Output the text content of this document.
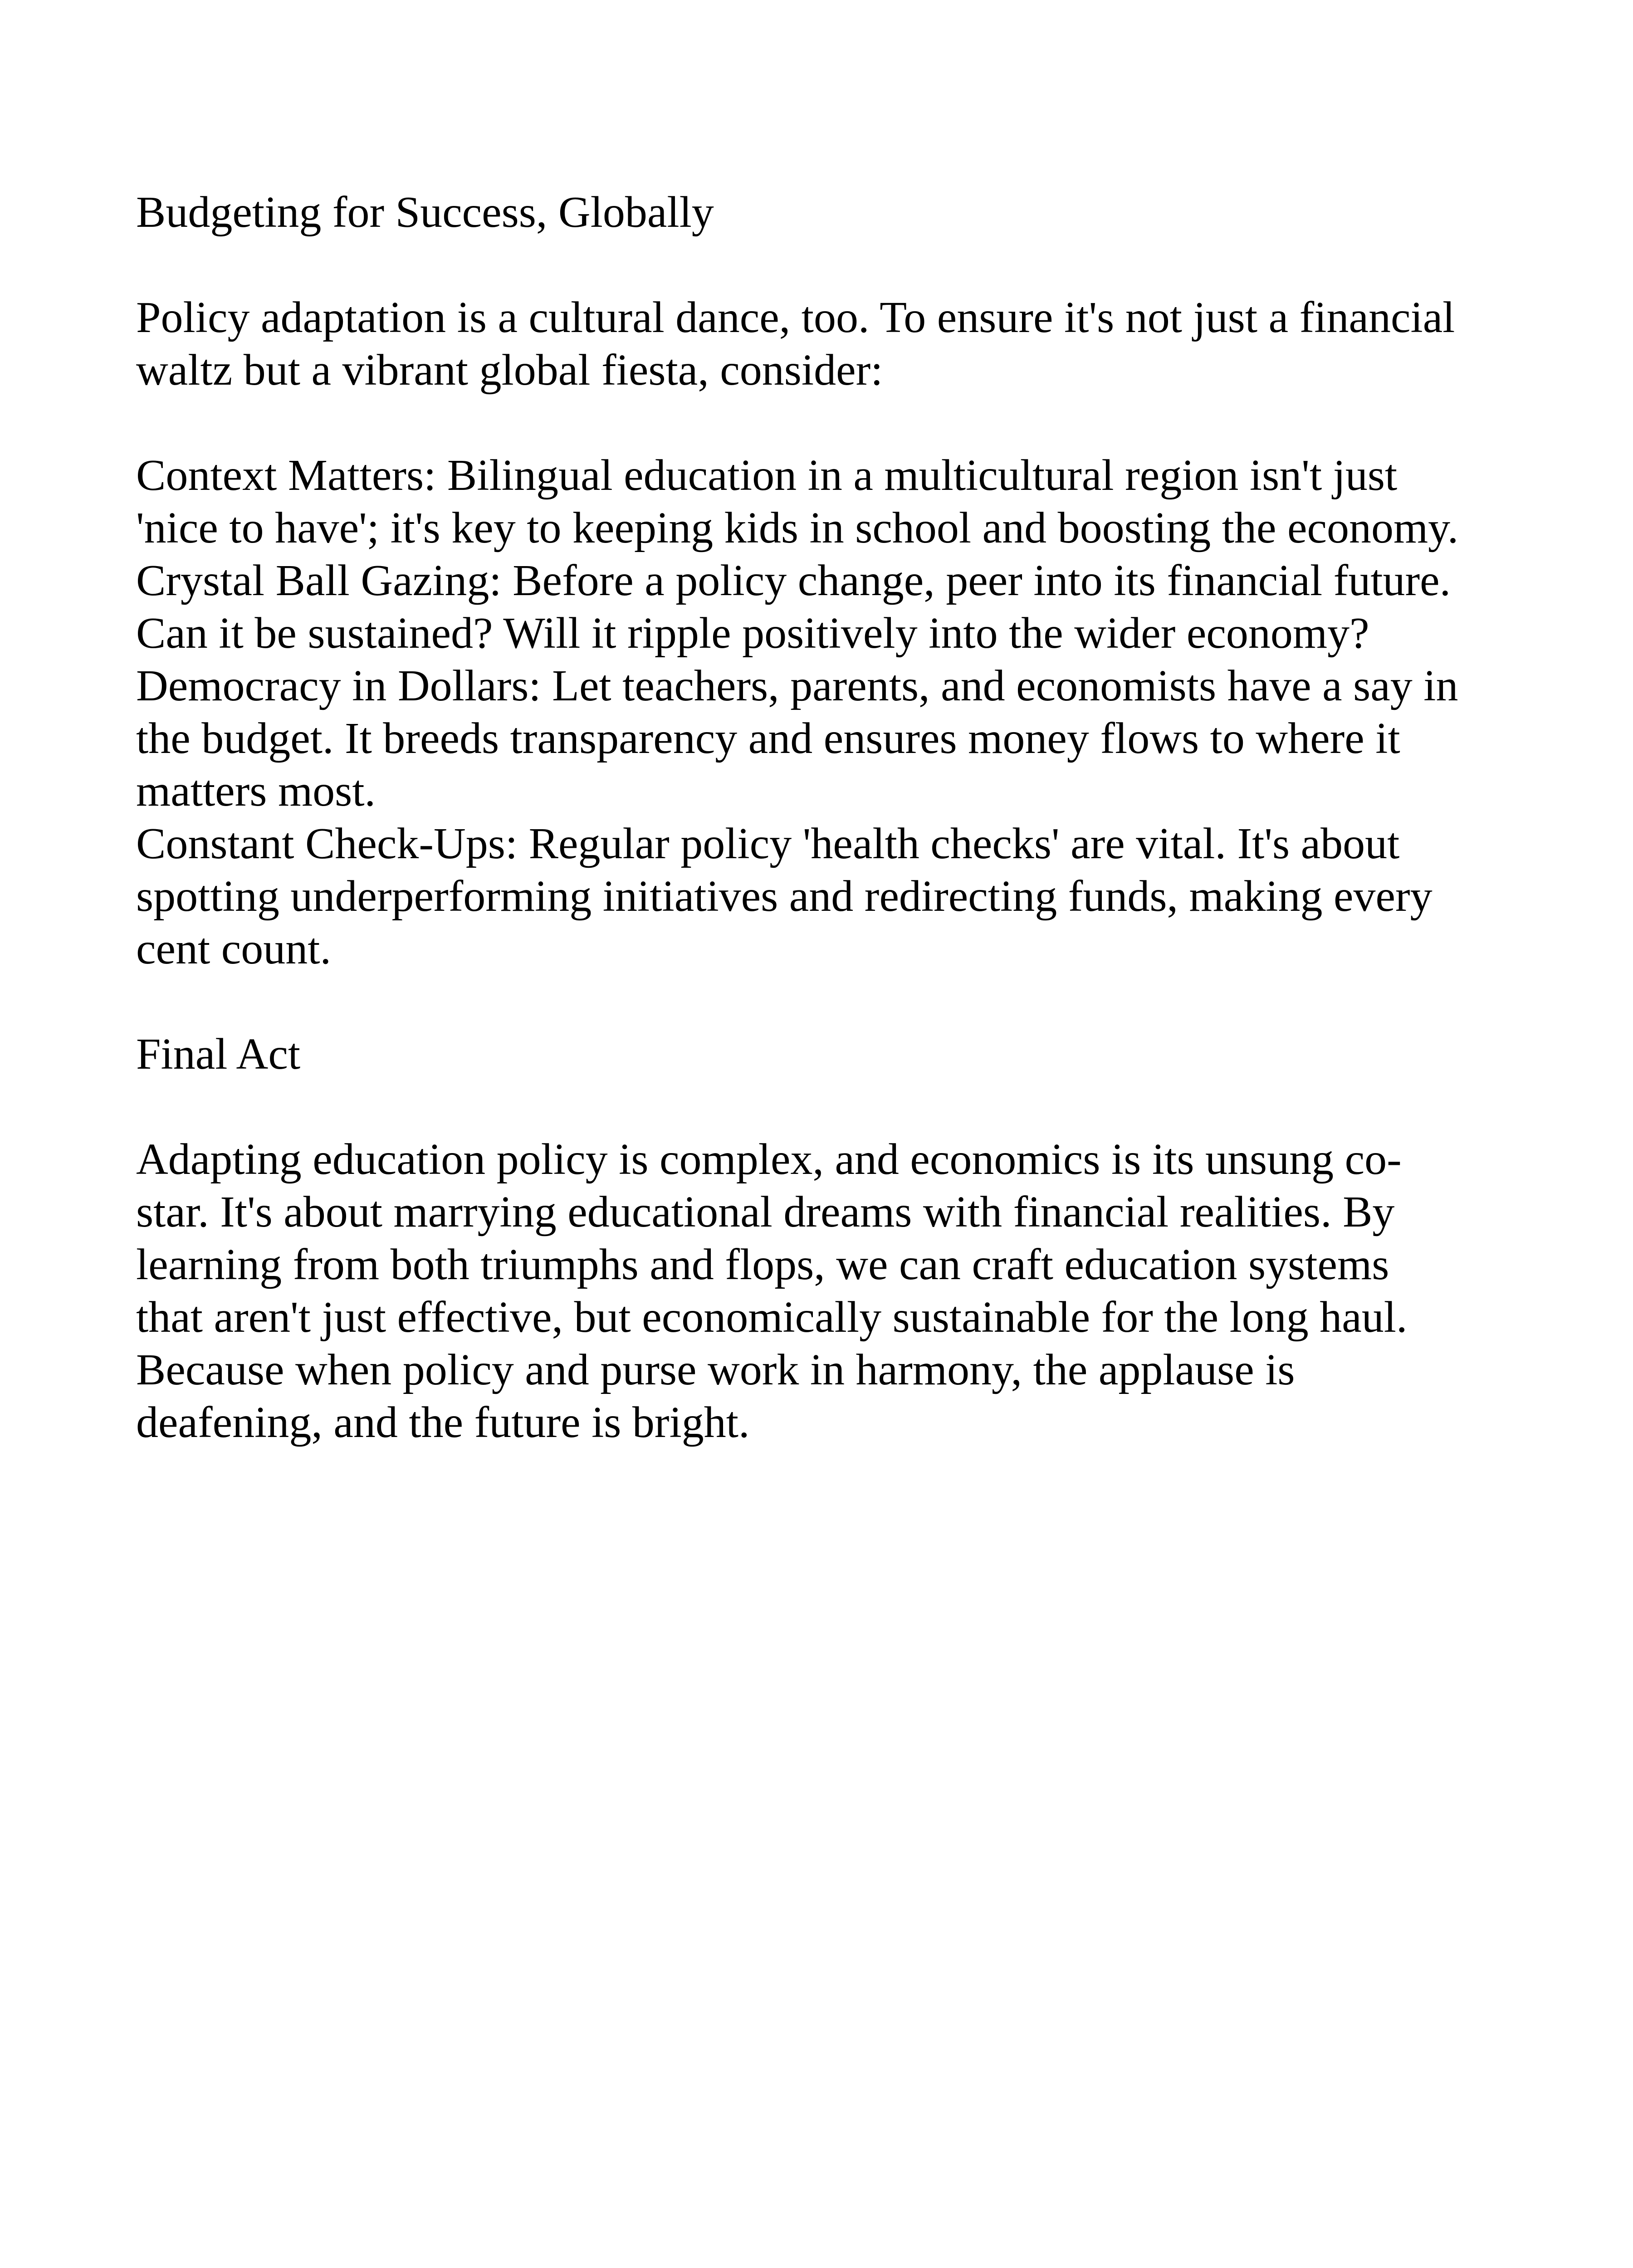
Budgeting for Success, Globally

Policy adaptation is a cultural dance, too. To ensure it's not just a financial waltz but a vibrant global fiesta, consider:

Context Matters: Bilingual education in a multicultural region isn't just 'nice to have'; it's key to keeping kids in school and boosting the economy.

Crystal Ball Gazing: Before a policy change, peer into its financial future. Can it be sustained? Will it ripple positively into the wider economy?

Democracy in Dollars: Let teachers, parents, and economists have a say in the budget. It breeds transparency and ensures money flows to where it matters most.

Constant Check-Ups: Regular policy 'health checks' are vital. It's about spotting underperforming initiatives and redirecting funds, making every cent count.

Final Act

Adapting education policy is complex, and economics is its unsung co-star. It's about marrying educational dreams with financial realities. By learning from both triumphs and flops, we can craft education systems that aren't just effective, but economically sustainable for the long haul. Because when policy and purse work in harmony, the applause is deafening, and the future is bright.
